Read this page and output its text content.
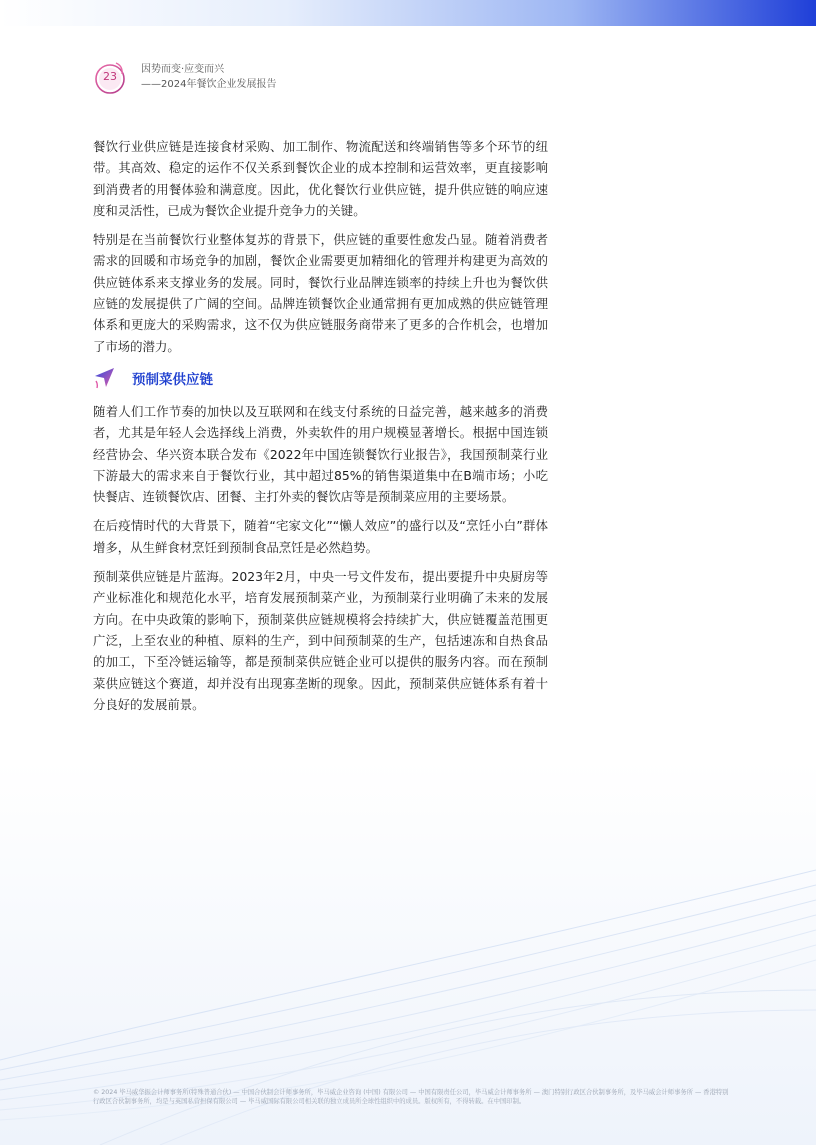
23
因势而变·应变而兴
——2024年餐饮企业发展报告

餐饮行业供应链是连接食材采购、加工制作、物流配送和终端销售等多个环节的纽带。其高效、稳定的运作不仅关系到餐饮企业的成本控制和运营效率，更直接影响到消费者的用餐体验和满意度。因此，优化餐饮行业供应链，提升供应链的响应速度和灵活性，已成为餐饮企业提升竞争力的关键。

特别是在当前餐饮行业整体复苏的背景下，供应链的重要性愈发凸显。随着消费者需求的回暖和市场竞争的加剧，餐饮企业需要更加精细化的管理并构建更为高效的供应链体系来支撑业务的发展。同时，餐饮行业品牌连锁率的持续上升也为餐饮供应链的发展提供了广阔的空间。品牌连锁餐饮企业通常拥有更加成熟的供应链管理体系和更庞大的采购需求，这不仅为供应链服务商带来了更多的合作机会，也增加了市场的潜力。

预制菜供应链

随着人们工作节奏的加快以及互联网和在线支付系统的日益完善，越来越多的消费者，尤其是年轻人会选择线上消费，外卖软件的用户规模显著增长。根据中国连锁经营协会、华兴资本联合发布《2022年中国连锁餐饮行业报告》，我国预制菜行业下游最大的需求来自于餐饮行业，其中超过85%的销售渠道集中在B端市场；小吃快餐店、连锁餐饮店、团餐、主打外卖的餐饮店等是预制菜应用的主要场景。

在后疫情时代的大背景下，随着“宅家文化”“懒人效应”的盛行以及“烹饪小白”群体增多，从生鲜食材烹饪到预制食品烹饪是必然趋势。

预制菜供应链是片蓝海。2023年2月，中央一号文件发布，提出要提升中央厨房等产业标准化和规范化水平，培育发展预制菜产业，为预制菜行业明确了未来的发展方向。在中央政策的影响下，预制菜供应链规模将会持续扩大，供应链覆盖范围更广泛，上至农业的种植、原料的生产，到中间预制菜的生产，包括速冻和自热食品的加工，下至冷链运输等，都是预制菜供应链企业可以提供的服务内容。而在预制菜供应链这个赛道，却并没有出现寡垄断的现象。因此，预制菜供应链体系有着十分良好的发展前景。

© 2024 毕马威华振会计师事务所(特殊普通合伙) — 中国合伙制会计师事务所，毕马威企业咨询 (中国) 有限公司 — 中国有限责任公司，毕马威会计师事务所 — 澳门特别行政区合伙制事务所，及毕马威会计师事务所 — 香港特别行政区合伙制事务所，均是与英国私营担保有限公司 — 毕马威国际有限公司相关联的独立成员所全球性组织中的成员。版权所有，不得转载。在中国印制。
